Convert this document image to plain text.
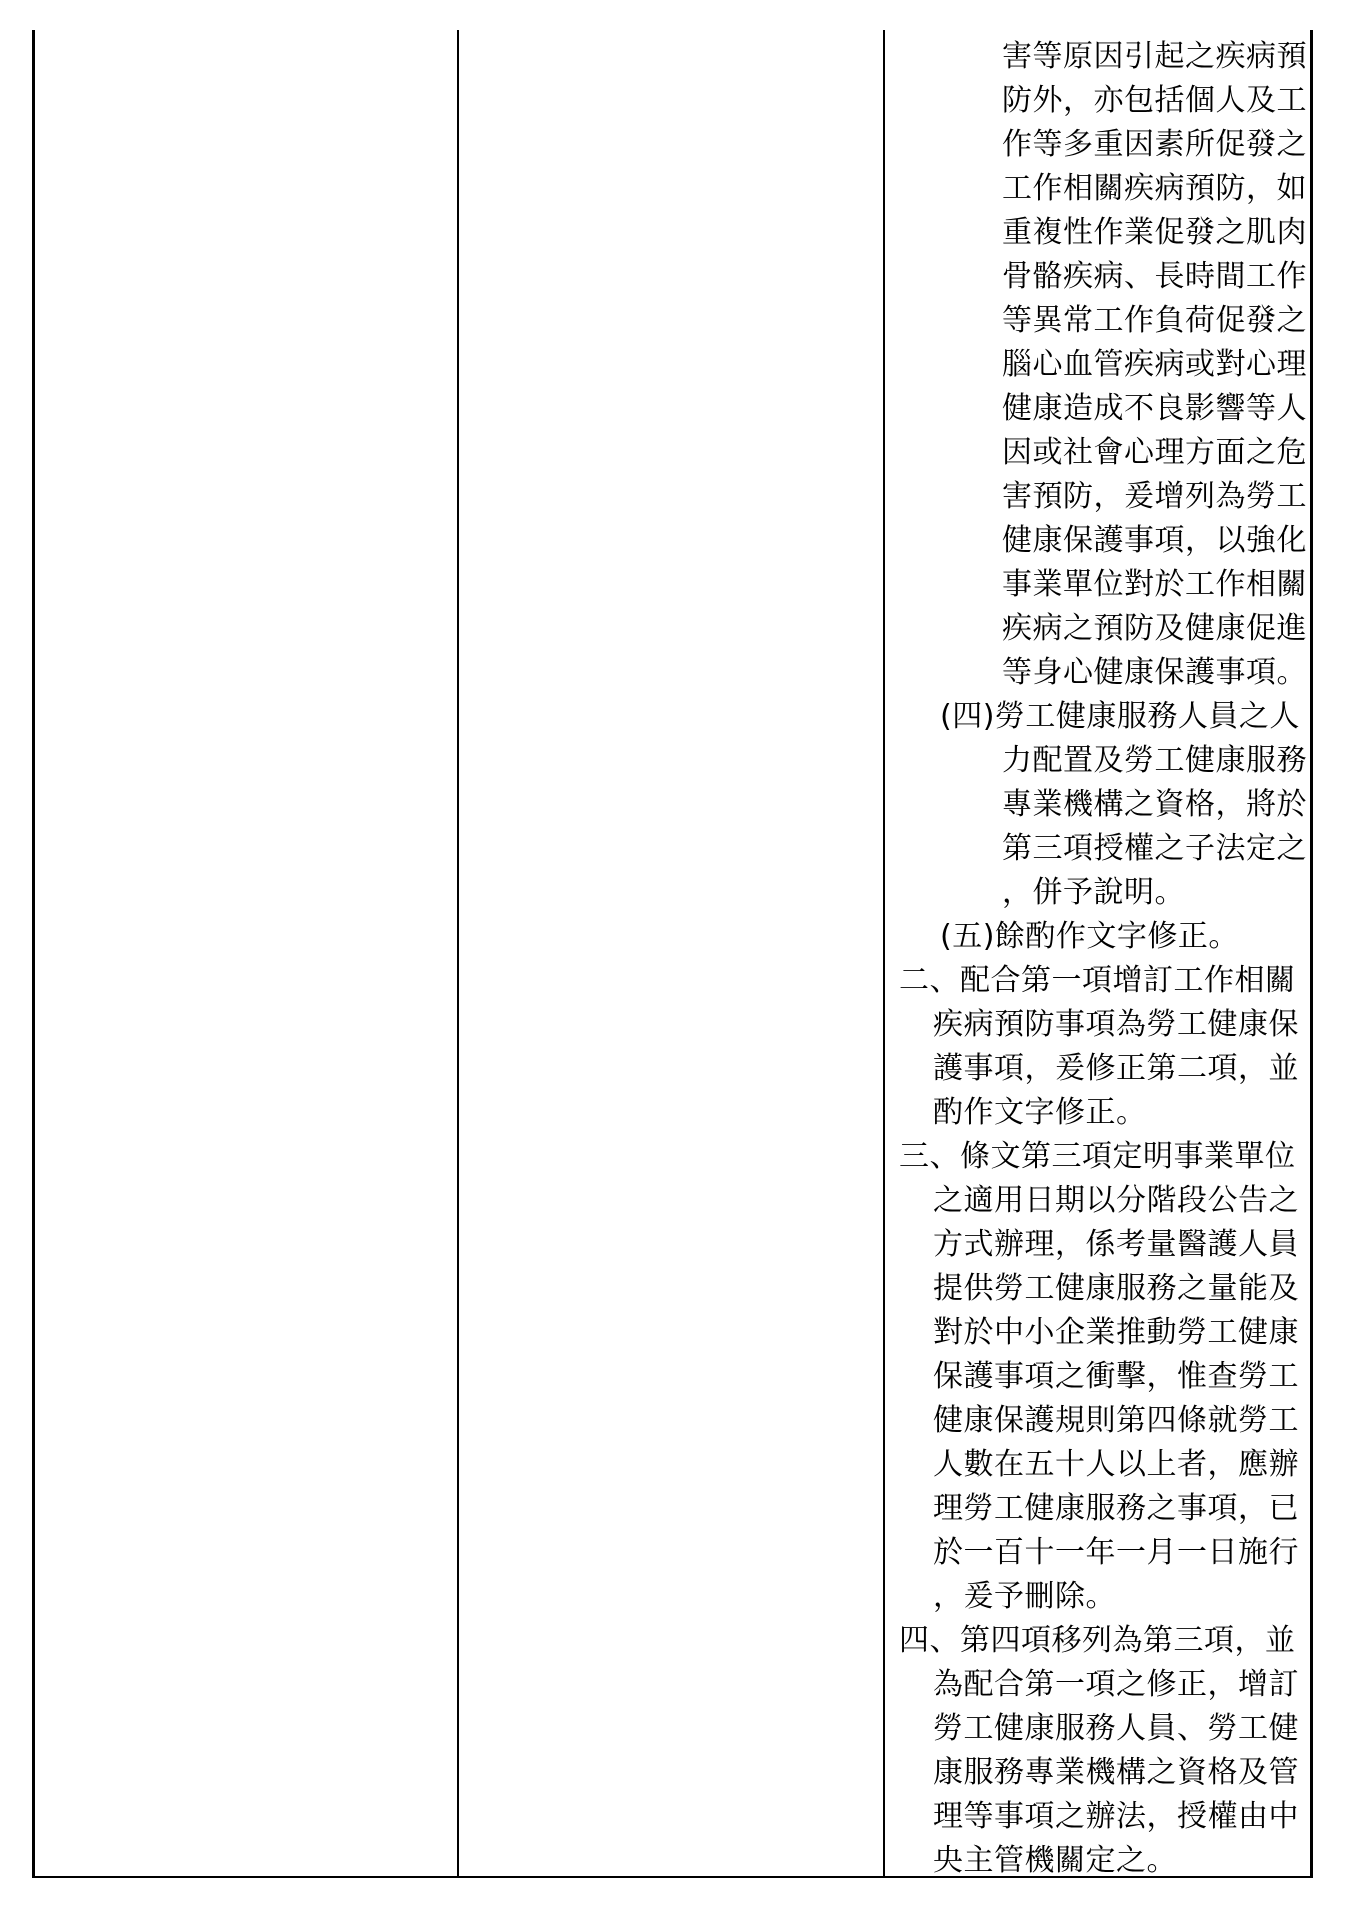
害等原因引起之疾病預
防外，亦包括個人及工
作等多重因素所促發之
工作相關疾病預防，如
重複性作業促發之肌肉
骨骼疾病、長時間工作
等異常工作負荷促發之
腦心血管疾病或對心理
健康造成不良影響等人
因或社會心理方面之危
害預防，爰增列為勞工
健康保護事項，以強化
事業單位對於工作相關
疾病之預防及健康促進
等身心健康保護事項。
(四)勞工健康服務人員之人
力配置及勞工健康服務
專業機構之資格，將於
第三項授權之子法定之
，併予說明。
(五)餘酌作文字修正。
二、配合第一項增訂工作相關
疾病預防事項為勞工健康保
護事項，爰修正第二項，並
酌作文字修正。
三、條文第三項定明事業單位
之適用日期以分階段公告之
方式辦理，係考量醫護人員
提供勞工健康服務之量能及
對於中小企業推動勞工健康
保護事項之衝擊，惟查勞工
健康保護規則第四條就勞工
人數在五十人以上者，應辦
理勞工健康服務之事項，已
於一百十一年一月一日施行
，爰予刪除。
四、第四項移列為第三項，並
為配合第一項之修正，增訂
勞工健康服務人員、勞工健
康服務專業機構之資格及管
理等事項之辦法，授權由中
央主管機關定之。
